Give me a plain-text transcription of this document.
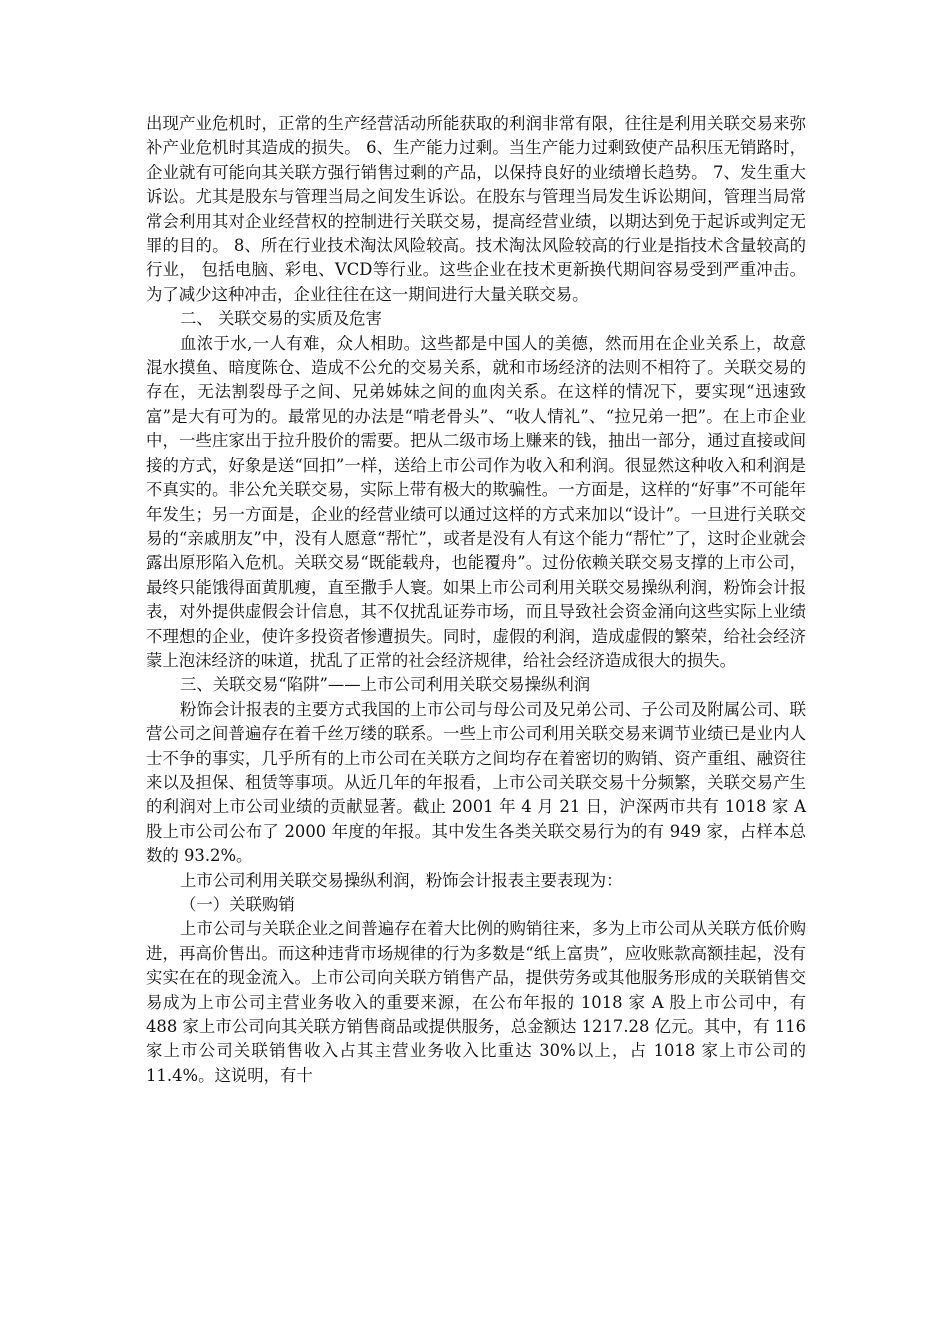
出现产业危机时，正常的生产经营活动所能获取的利润非常有限，往往是利用关联交易来弥补产业危机时其造成的损失。 6、生产能力过剩。当生产能力过剩致使产品积压无销路时，企业就有可能向其关联方强行销售过剩的产品，以保持良好的业绩增长趋势。 7、发生重大诉讼。尤其是股东与管理当局之间发生诉讼。在股东与管理当局发生诉讼期间，管理当局常常会利用其对企业经营权的控制进行关联交易，提高经营业绩，以期达到免于起诉或判定无罪的目的。 8、所在行业技术淘汰风险较高。技术淘汰风险较高的行业是指技术含量较高的行业， 包括电脑、彩电、VCD等行业。这些企业在技术更新换代期间容易受到严重冲击。为了减少这种冲击，企业往往在这一期间进行大量关联交易。

二、 关联交易的实质及危害

血浓于水,一人有难，众人相助。这些都是中国人的美德，然而用在企业关系上，故意混水摸鱼、暗度陈仓、造成不公允的交易关系，就和市场经济的法则不相符了。关联交易的存在，无法割裂母子之间、兄弟姊妹之间的血肉关系。在这样的情况下，要实现“迅速致富”是大有可为的。最常见的办法是“啃老骨头”、“收人情礼”、“拉兄弟一把”。在上市企业中，一些庄家出于拉升股价的需要。把从二级市场上赚来的钱，抽出一部分，通过直接或间接的方式，好象是送“回扣”一样，送给上市公司作为收入和利润。很显然这种收入和利润是不真实的。非公允关联交易，实际上带有极大的欺骗性。一方面是，这样的“好事”不可能年年发生；另一方面是，企业的经营业绩可以通过这样的方式来加以“设计”。一旦进行关联交易的“亲戚朋友”中，没有人愿意“帮忙”，或者是没有人有这个能力“帮忙”了，这时企业就会露出原形陷入危机。关联交易“既能载舟，也能覆舟”。过份依赖关联交易支撑的上市公司，最终只能饿得面黄肌瘦，直至撒手人寰。如果上市公司利用关联交易操纵利润，粉饰会计报表，对外提供虚假会计信息，其不仅扰乱证券市场，而且导致社会资金涌向这些实际上业绩不理想的企业，使许多投资者惨遭损失。同时，虚假的利润，造成虚假的繁荣，给社会经济蒙上泡沫经济的味道，扰乱了正常的社会经济规律，给社会经济造成很大的损失。

三、关联交易“陷阱”——上市公司利用关联交易操纵利润

粉饰会计报表的主要方式我国的上市公司与母公司及兄弟公司、子公司及附属公司、联营公司之间普遍存在着千丝万缕的联系。一些上市公司利用关联交易来调节业绩已是业内人士不争的事实，几乎所有的上市公司在关联方之间均存在着密切的购销、资产重组、融资往来以及担保、租赁等事项。从近几年的年报看，上市公司关联交易十分频繁，关联交易产生的利润对上市公司业绩的贡献显著。截止 2001 年 4 月 21 日，沪深两市共有 1018 家 A 股上市公司公布了 2000 年度的年报。其中发生各类关联交易行为的有 949 家，占样本总数的 93.2%。

上市公司利用关联交易操纵利润，粉饰会计报表主要表现为：

（一）关联购销

上市公司与关联企业之间普遍存在着大比例的购销往来，多为上市公司从关联方低价购进，再高价售出。而这种违背市场规律的行为多数是“纸上富贵”，应收账款高额挂起，没有实实在在的现金流入。上市公司向关联方销售产品，提供劳务或其他服务形成的关联销售交易成为上市公司主营业务收入的重要来源，在公布年报的 1018 家 A 股上市公司中，有 488 家上市公司向其关联方销售商品或提供服务，总金额达 1217.28 亿元。其中，有 116 家上市公司关联销售收入占其主营业务收入比重达 30%以上，占 1018 家上市公司的 11.4%。这说明，有十
